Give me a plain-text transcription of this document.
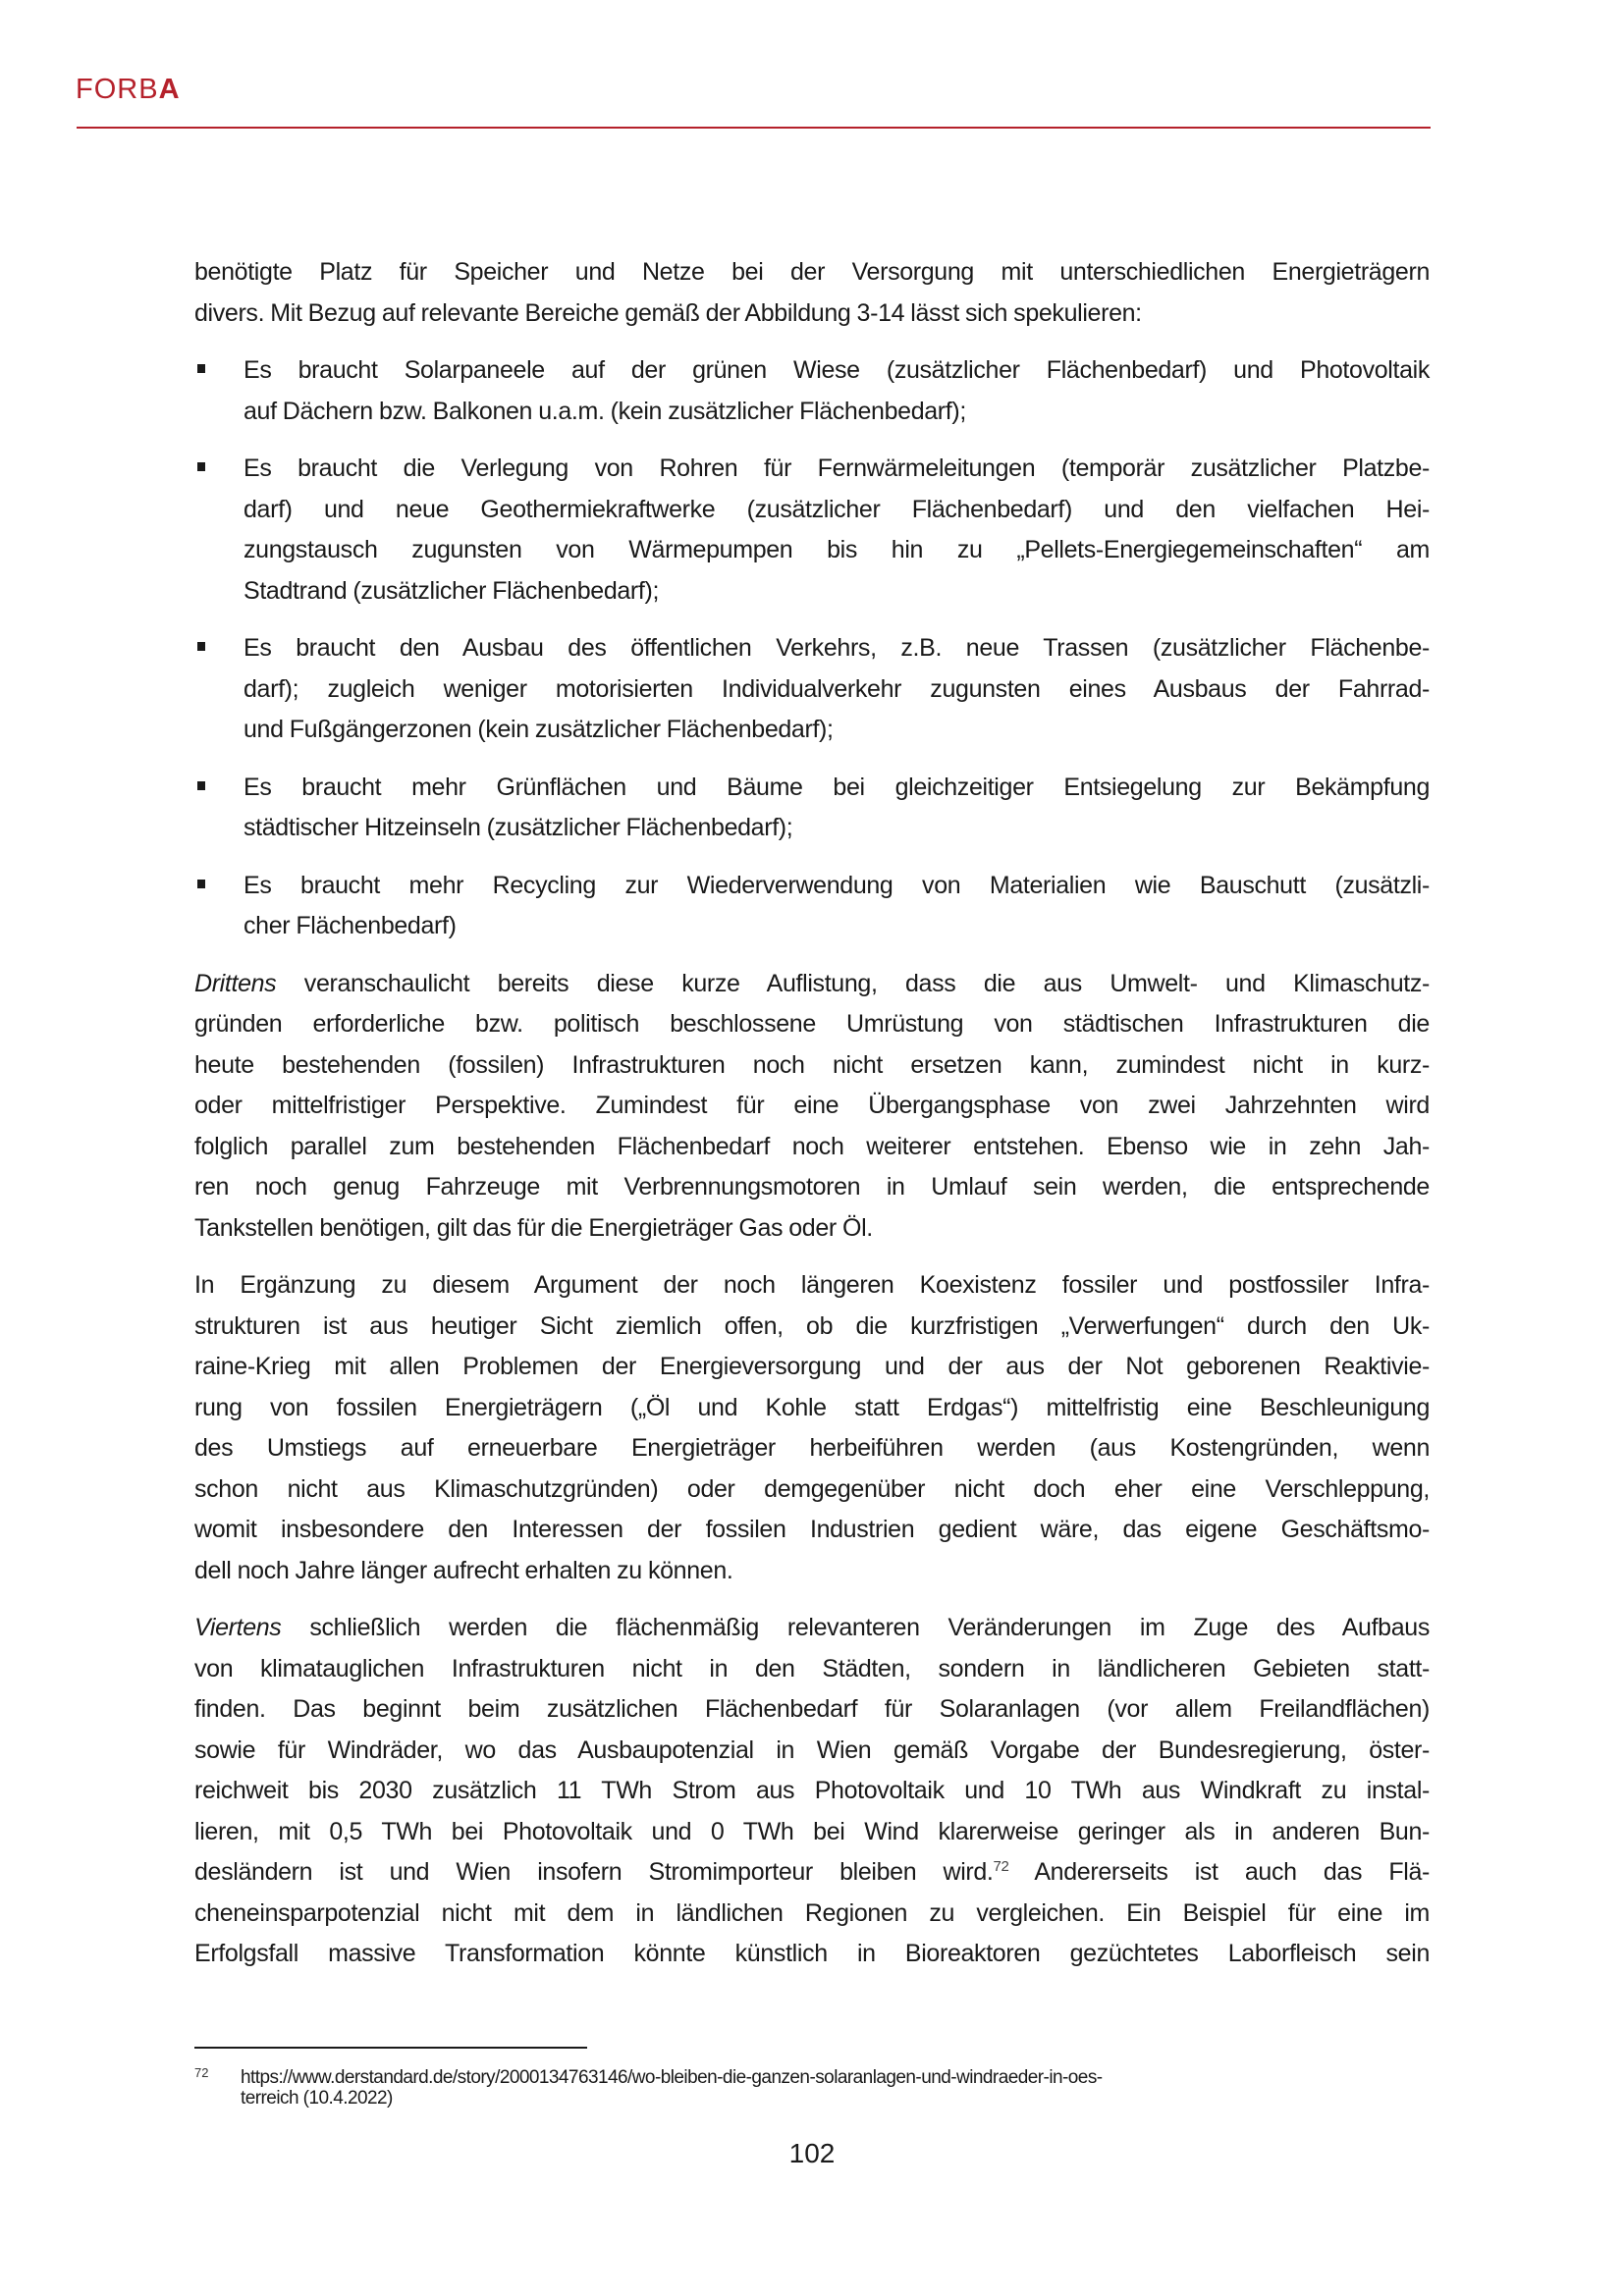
FORBA
benötigte Platz für Speicher und Netze bei der Versorgung mit unterschiedlichen Energieträgern
divers. Mit Bezug auf relevante Bereiche gemäß der Abbildung 3-14 lässt sich spekulieren:
Es braucht Solarpaneele auf der grünen Wiese (zusätzlicher Flächenbedarf) und Photovoltaik
auf Dächern bzw. Balkonen u.a.m. (kein zusätzlicher Flächenbedarf);
Es braucht die Verlegung von Rohren für Fernwärmeleitungen (temporär zusätzlicher Platzbe-
darf) und neue Geothermiekraftwerke (zusätzlicher Flächenbedarf) und den vielfachen Hei-
zungstausch zugunsten von Wärmepumpen bis hin zu „Pellets-Energiegemeinschaften“ am
Stadtrand (zusätzlicher Flächenbedarf);
Es braucht den Ausbau des öffentlichen Verkehrs, z.B. neue Trassen (zusätzlicher Flächenbe-
darf); zugleich weniger motorisierten Individualverkehr zugunsten eines Ausbaus der Fahrrad-
und Fußgängerzonen (kein zusätzlicher Flächenbedarf);
Es braucht mehr Grünflächen und Bäume bei gleichzeitiger Entsiegelung zur Bekämpfung
städtischer Hitzeinseln (zusätzlicher Flächenbedarf);
Es braucht mehr Recycling zur Wiederverwendung von Materialien wie Bauschutt (zusätzli-
cher Flächenbedarf)
Drittens veranschaulicht bereits diese kurze Auflistung, dass die aus Umwelt- und Klimaschutz-
gründen erforderliche bzw. politisch beschlossene Umrüstung von städtischen Infrastrukturen die
heute bestehenden (fossilen) Infrastrukturen noch nicht ersetzen kann, zumindest nicht in kurz-
oder mittelfristiger Perspektive. Zumindest für eine Übergangsphase von zwei Jahrzehnten wird
folglich parallel zum bestehenden Flächenbedarf noch weiterer entstehen. Ebenso wie in zehn Jah-
ren noch genug Fahrzeuge mit Verbrennungsmotoren in Umlauf sein werden, die entsprechende
Tankstellen benötigen, gilt das für die Energieträger Gas oder Öl.
In Ergänzung zu diesem Argument der noch längeren Koexistenz fossiler und postfossiler Infra-
strukturen ist aus heutiger Sicht ziemlich offen, ob die kurzfristigen „Verwerfungen“ durch den Uk-
raine-Krieg mit allen Problemen der Energieversorgung und der aus der Not geborenen Reaktivie-
rung von fossilen Energieträgern („Öl und Kohle statt Erdgas“) mittelfristig eine Beschleunigung
des Umstiegs auf erneuerbare Energieträger herbeiführen werden (aus Kostengründen, wenn
schon nicht aus Klimaschutzgründen) oder demgegenüber nicht doch eher eine Verschleppung,
womit insbesondere den Interessen der fossilen Industrien gedient wäre, das eigene Geschäftsmo-
dell noch Jahre länger aufrecht erhalten zu können.
Viertens schließlich werden die flächenmäßig relevanteren Veränderungen im Zuge des Aufbaus
von klimatauglichen Infrastrukturen nicht in den Städten, sondern in ländlicheren Gebieten statt-
finden. Das beginnt beim zusätzlichen Flächenbedarf für Solaranlagen (vor allem Freilandflächen)
sowie für Windräder, wo das Ausbaupotenzial in Wien gemäß Vorgabe der Bundesregierung, öster-
reichweit bis 2030 zusätzlich 11 TWh Strom aus Photovoltaik und 10 TWh aus Windkraft zu instal-
lieren, mit 0,5 TWh bei Photovoltaik und 0 TWh bei Wind klarerweise geringer als in anderen Bun-
desländern ist und Wien insofern Stromimporteur bleiben wird.$^{72}$ Andererseits ist auch das Flä-
cheneinsparpotenzial nicht mit dem in ländlichen Regionen zu vergleichen. Ein Beispiel für eine im
Erfolgsfall massive Transformation könnte künstlich in Bioreaktoren gezüchtetes Laborfleisch sein
72 https://www.derstandard.de/story/2000134763146/wo-bleiben-die-ganzen-solaranlagen-und-windraeder-in-oes-
terreich (10.4.2022)
102
